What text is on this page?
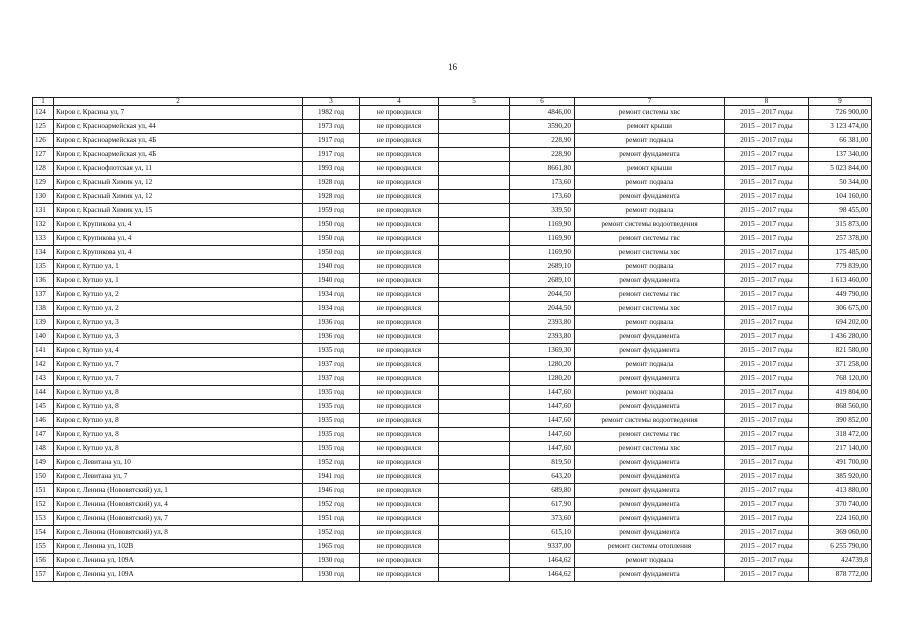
16
1	2	3	4	5	6	7	8	9
124	Киров г, Красина ул, 7	1982 год	не проводился		4846,00	ремонт системы хвс	2015 – 2017 годы	726 900,00
125	Киров г, Красноармейская ул, 44	1973 год	не проводился		3590,20	ремонт крыши	2015 – 2017 годы	3 123 474,00
126	Киров г, Красноармейская ул, 4Б	1917 год	не проводился		228,90	ремонт подвала	2015 – 2017 годы	66 381,00
127	Киров г, Красноармейская ул, 4Б	1917 год	не проводился		228,90	ремонт фундамента	2015 – 2017 годы	137 340,00
128	Киров г, Краснофлотская ул, 11	1993 год	не проводился		8661,80	ремонт крыши	2015 – 2017 годы	5 023 844,00
129	Киров г, Красный Химик ул, 12	1928 год	не проводился		173,60	ремонт подвала	2015 – 2017 годы	50 344,00
130	Киров г, Красный Химик ул, 12	1928 год	не проводился		173,60	ремонт фундамента	2015 – 2017 годы	104 160,00
131	Киров г, Красный Химик ул, 15	1959 год	не проводился		339,50	ремонт подвала	2015 – 2017 годы	98 455,00
132	Киров г, Крупикова ул, 4	1950 год	не проводился		1169,90	ремонт системы водоотведения	2015 – 2017 годы	315 873,00
133	Киров г, Крупикова ул, 4	1950 год	не проводился		1169,90	ремонт системы гвс	2015 – 2017 годы	257 378,00
134	Киров г, Крупикова ул, 4	1950 год	не проводился		1169,90	ремонт системы хвс	2015 – 2017 годы	175 485,00
135	Киров г, Кутшо ул, 1	1940 год	не проводился		2689,10	ремонт подвала	2015 – 2017 годы	779 839,00
136	Киров г, Кутшо ул, 1	1940 год	не проводился		2689,10	ремонт фундамента	2015 – 2017 годы	1 613 460,00
137	Киров г, Кутшо ул, 2	1934 год	не проводился		2044,50	ремонт системы гвс	2015 – 2017 годы	449 790,00
138	Киров г, Кутшо ул, 2	1934 год	не проводился		2044,50	ремонт системы хвс	2015 – 2017 годы	306 675,00
139	Киров г, Кутшо ул, 3	1936 год	не проводился		2393,80	ремонт подвала	2015 – 2017 годы	694 202,00
140	Киров г, Кутшо ул, 3	1936 год	не проводился		2393,80	ремонт фундамента	2015 – 2017 годы	1 436 280,00
141	Киров г, Кутшо ул, 4	1935 год	не проводился		1369,30	ремонт фундамента	2015 – 2017 годы	821 580,00
142	Киров г, Кутшо ул, 7	1937 год	не проводился		1280,20	ремонт подвала	2015 – 2017 годы	371 258,00
143	Киров г, Кутшо ул, 7	1937 год	не проводился		1280,20	ремонт фундамента	2015 – 2017 годы	768 120,00
144	Киров г, Кутшо ул, 8	1935 год	не проводился		1447,60	ремонт подвала	2015 – 2017 годы	419 804,00
145	Киров г, Кутшо ул, 8	1935 год	не проводился		1447,60	ремонт фундамента	2015 – 2017 годы	868 560,00
146	Киров г, Кутшо ул, 8	1935 год	не проводился		1447,60	ремонт системы водоотведения	2015 – 2017 годы	390 852,00
147	Киров г, Кутшо ул, 8	1935 год	не проводился		1447,60	ремонт системы гвс	2015 – 2017 годы	318 472,00
148	Киров г, Кутшо ул, 8	1935 год	не проводился		1447,60	ремонт системы хвс	2015 – 2017 годы	217 140,00
149	Киров г, Левитана ул, 10	1952 год	не проводился		819,50	ремонт фундамента	2015 – 2017 годы	491 700,00
150	Киров г, Левитана ул, 7	1941 год	не проводился		643,20	ремонт фундамента	2015 – 2017 годы	385 920,00
151	Киров г, Ленина (Нововятский) ул, 1	1946 год	не проводился		689,80	ремонт фундамента	2015 – 2017 годы	413 880,00
152	Киров г, Ленина (Нововятский) ул, 4	1952 год	не проводился		617,90	ремонт фундамента	2015 – 2017 годы	370 740,00
153	Киров г, Ленина (Нововятский) ул, 7	1951 год	не проводился		373,60	ремонт фундамента	2015 – 2017 годы	224 160,00
154	Киров г, Ленина (Нововятский) ул, 8	1952 год	не проводился		615,10	ремонт фундамента	2015 – 2017 годы	369 060,00
155	Киров г, Ленина ул, 102В	1965 год	не проводился		9337,00	ремонт системы отопления	2015 – 2017 годы	6 255 790,00
156	Киров г, Ленина ул, 109А	1930 год	не проводился		1464,62	ремонт подвала	2015 – 2017 годы	424739,8
157	Киров г, Ленина ул, 109А	1930 год	не проводился		1464,62	ремонт фундамента	2015 – 2017 годы	878 772,00
